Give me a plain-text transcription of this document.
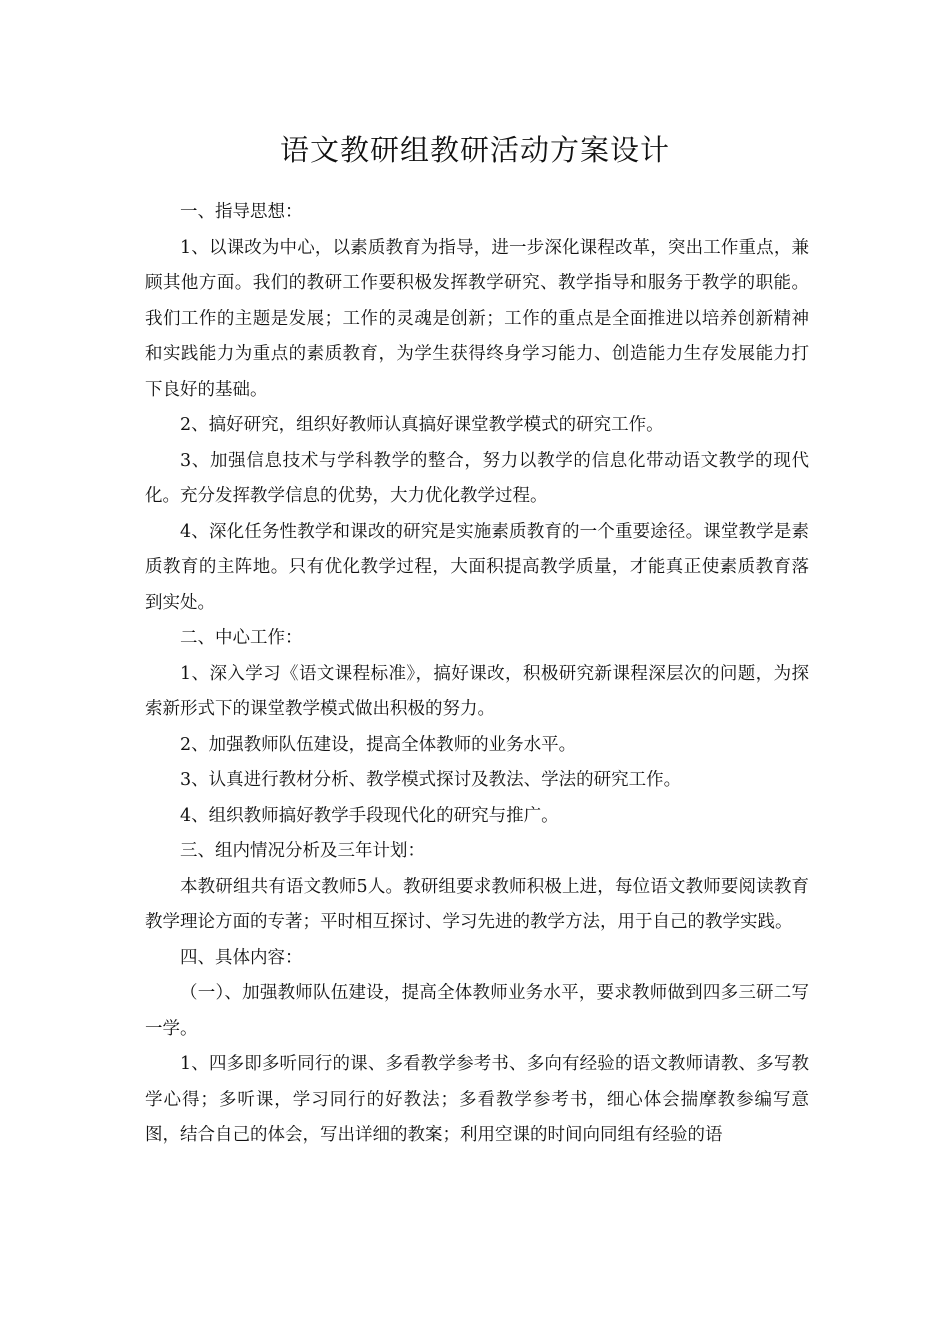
语文教研组教研活动方案设计

一、指导思想：

1、以课改为中心，以素质教育为指导，进一步深化课程改革，突出工作重点，兼顾其他方面。我们的教研工作要积极发挥教学研究、教学指导和服务于教学的职能。我们工作的主题是发展；工作的灵魂是创新；工作的重点是全面推进以培养创新精神和实践能力为重点的素质教育，为学生获得终身学习能力、创造能力生存发展能力打下良好的基础。

2、搞好研究，组织好教师认真搞好课堂教学模式的研究工作。

3、加强信息技术与学科教学的整合，努力以教学的信息化带动语文教学的现代化。充分发挥教学信息的优势，大力优化教学过程。

4、深化任务性教学和课改的研究是实施素质教育的一个重要途径。课堂教学是素质教育的主阵地。只有优化教学过程，大面积提高教学质量，才能真正使素质教育落到实处。

二、中心工作：

1、深入学习《语文课程标准》，搞好课改，积极研究新课程深层次的问题，为探索新形式下的课堂教学模式做出积极的努力。

2、加强教师队伍建设，提高全体教师的业务水平。

3、认真进行教材分析、教学模式探讨及教法、学法的研究工作。

4、组织教师搞好教学手段现代化的研究与推广。

三、组内情况分析及三年计划：

本教研组共有语文教师5人。教研组要求教师积极上进，每位语文教师要阅读教育教学理论方面的专著；平时相互探讨、学习先进的教学方法，用于自己的教学实践。

四、具体内容：

（一）、加强教师队伍建设，提高全体教师业务水平，要求教师做到四多三研二写一学。

1、四多即多听同行的课、多看教学参考书、多向有经验的语文教师请教、多写教学心得；多听课，学习同行的好教法；多看教学参考书，细心体会揣摩教参编写意图，结合自己的体会，写出详细的教案；利用空课的时间向同组有经验的语
